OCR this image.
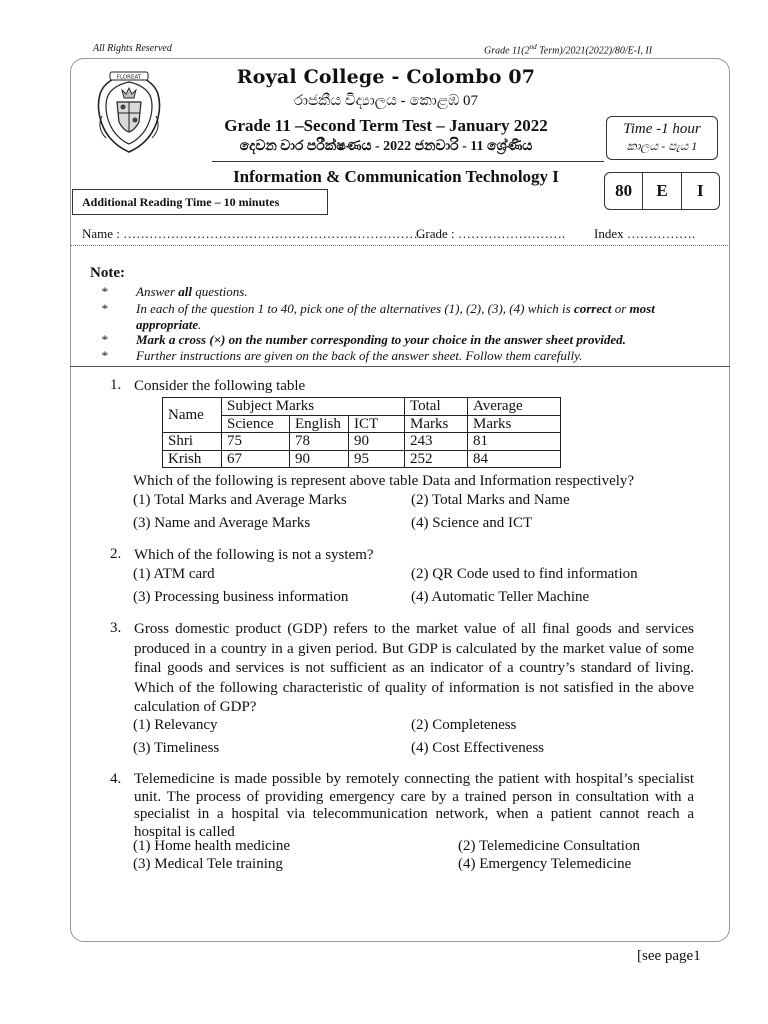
All Rights Reserved	Grade 11(2nd Term)/2021(2022)/80/E-I, II
FLOREAT	Royal College - Colombo 07
රාජකීය විද්‍යාලය - කොළඹ 07
Grade 11 –Second Term Test – January 2022
දෙවන වාර පරීක්ෂණය - 2022 ජනවාරි - 11 ශ්‍රේණිය
Time -1 hour
කාලය - පැය 1
Information & Communication Technology I
Additional Reading Time – 10 minutes
80	E	I
Name : ……………………………………………………………..
Grade : ……………………. Index …………….
Note:
* Answer all questions.
* In each of the question 1 to 40, pick one of the alternatives (1), (2), (3), (4) which is correct or most appropriate.
* Mark a cross (×) on the number corresponding to your choice in the answer sheet provided.
* Further instructions are given on the back of the answer sheet. Follow them carefully.
1. Consider the following table
Name	Subject Marks			Total	Average
	Science	English	ICT	Marks	Marks
Shri	75	78	90	243	81
Krish	67	90	95	252	84
Which of the following is represent above table Data and Information respectively?
(1) Total Marks and Average Marks	(2) Total Marks and Name
(3) Name and Average Marks	(4) Science and ICT
2. Which of the following is not a system?
(1) ATM card	(2) QR Code used to find information
(3) Processing business information	(4) Automatic Teller Machine
3. Gross domestic product (GDP) refers to the market value of all final goods and services produced in a country in a given period. But GDP is calculated by the market value of some final goods and services is not sufficient as an indicator of a country’s standard of living. Which of the following characteristic of quality of information is not satisfied in the above calculation of GDP?
(1) Relevancy	(2) Completeness
(3) Timeliness	(4) Cost Effectiveness
4. Telemedicine is made possible by remotely connecting the patient with hospital’s specialist unit. The process of providing emergency care by a trained person in consultation with a specialist in a hospital via telecommunication network, when a patient cannot reach a hospital is called
(1) Home health medicine	(2) Telemedicine Consultation
(3) Medical Tele training	(4) Emergency Telemedicine
[see page1
